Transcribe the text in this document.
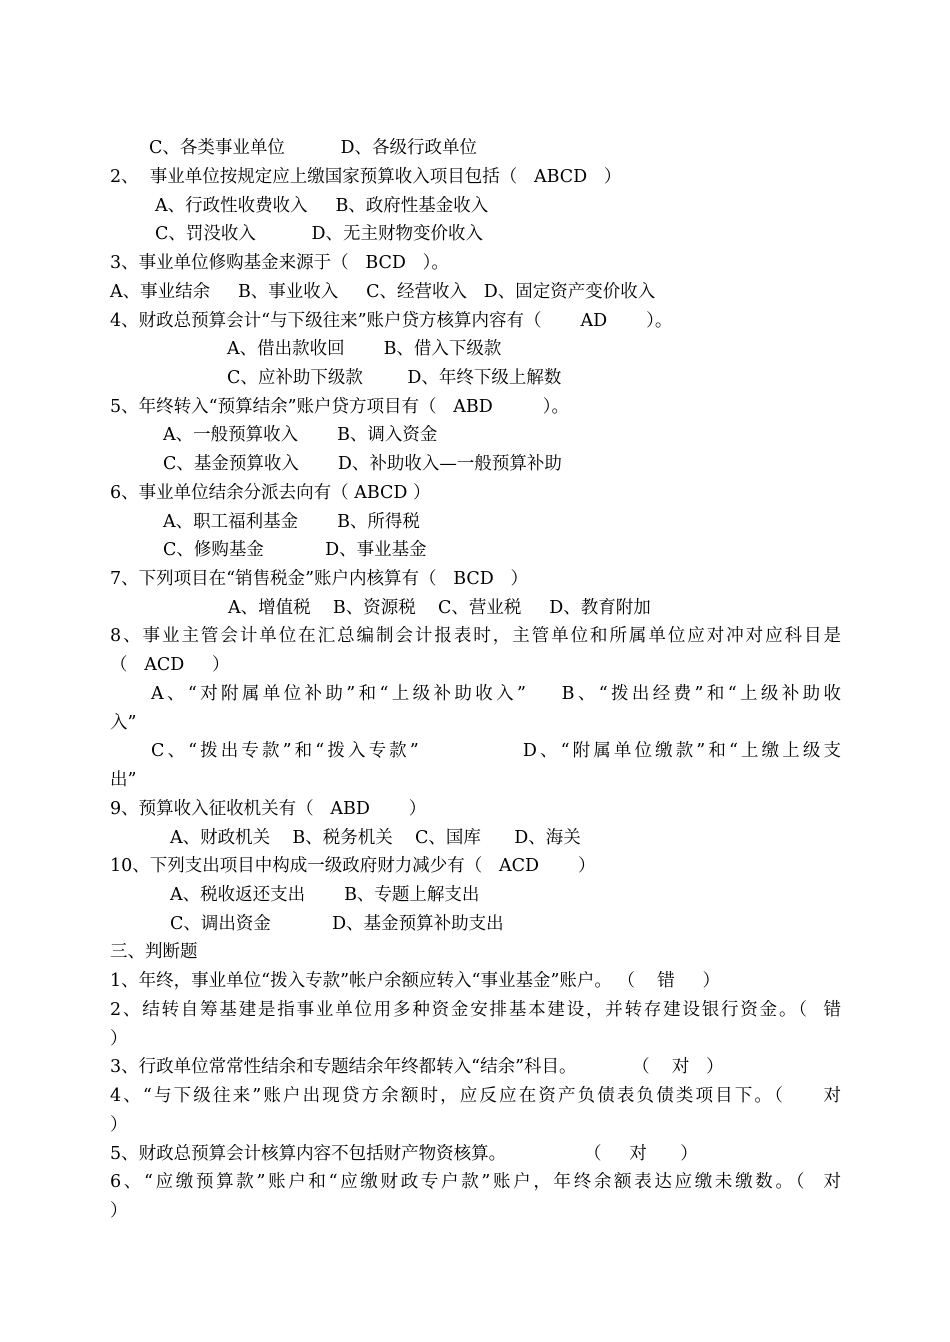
C、各类事业单位          D、各级行政单位
2、  事业单位按规定应上缴国家预算收入项目包括（   ABCD   ）
A、行政性收费收入     B、政府性基金收入
C、罚没收入          D、无主财物变价收入
3、事业单位修购基金来源于（   BCD   ）。
A、事业结余     B、事业收入     C、经营收入   D、固定资产变价收入
4、财政总预算会计“与下级往来”账户贷方核算内容有（       AD       ）。
A、借出款收回       B、借入下级款
C、应补助下级款        D、年终下级上解数
5、年终转入“预算结余”账户贷方项目有（   ABD         ）。
A、一般预算收入       B、调入资金
C、基金预算收入       D、补助收入—一般预算补助
6、事业单位结余分派去向有（ ABCD ）
A、职工福利基金       B、所得税
C、修购基金           D、事业基金
7、下列项目在“销售税金”账户内核算有（   BCD   ）
A、增值税    B、资源税    C、营业税     D、教育附加
8、事业主管会计单位在汇总编制会计报表时，主管单位和所属单位应对冲对应科目是
（   ACD     ）
A、“对附属单位补助”和“上级补助收入”    B、“拨出经费”和“上级补助收
入”
C、“拨出专款”和“拨入专款”            D、“附属单位缴款”和“上缴上级支
出”
9、预算收入征收机关有（   ABD       ）
A、财政机关    B、税务机关    C、国库      D、海关
10、下列支出项目中构成一级政府财力减少有（   ACD       ）
A、税收返还支出       B、专题上解支出
C、调出资金           D、基金预算补助支出
三、判断题
1、年终，事业单位“拨入专款”帐户余额应转入“事业基金”账户。 （    错     ）
2、结转自筹基建是指事业单位用多种资金安排基本建设，并转存建设银行资金。（  错
）
3、行政单位常常性结余和专题结余年终都转入“结余”科目。          （    对   ）
4、“与下级往来”账户出现贷方余额时，应反应在资产负债表负债类项目下。（     对
）
5、财政总预算会计核算内容不包括财产物资核算。              （     对      ）
6、“应缴预算款”账户和“应缴财政专户款”账户，年终余额表达应缴未缴数。（  对
）
